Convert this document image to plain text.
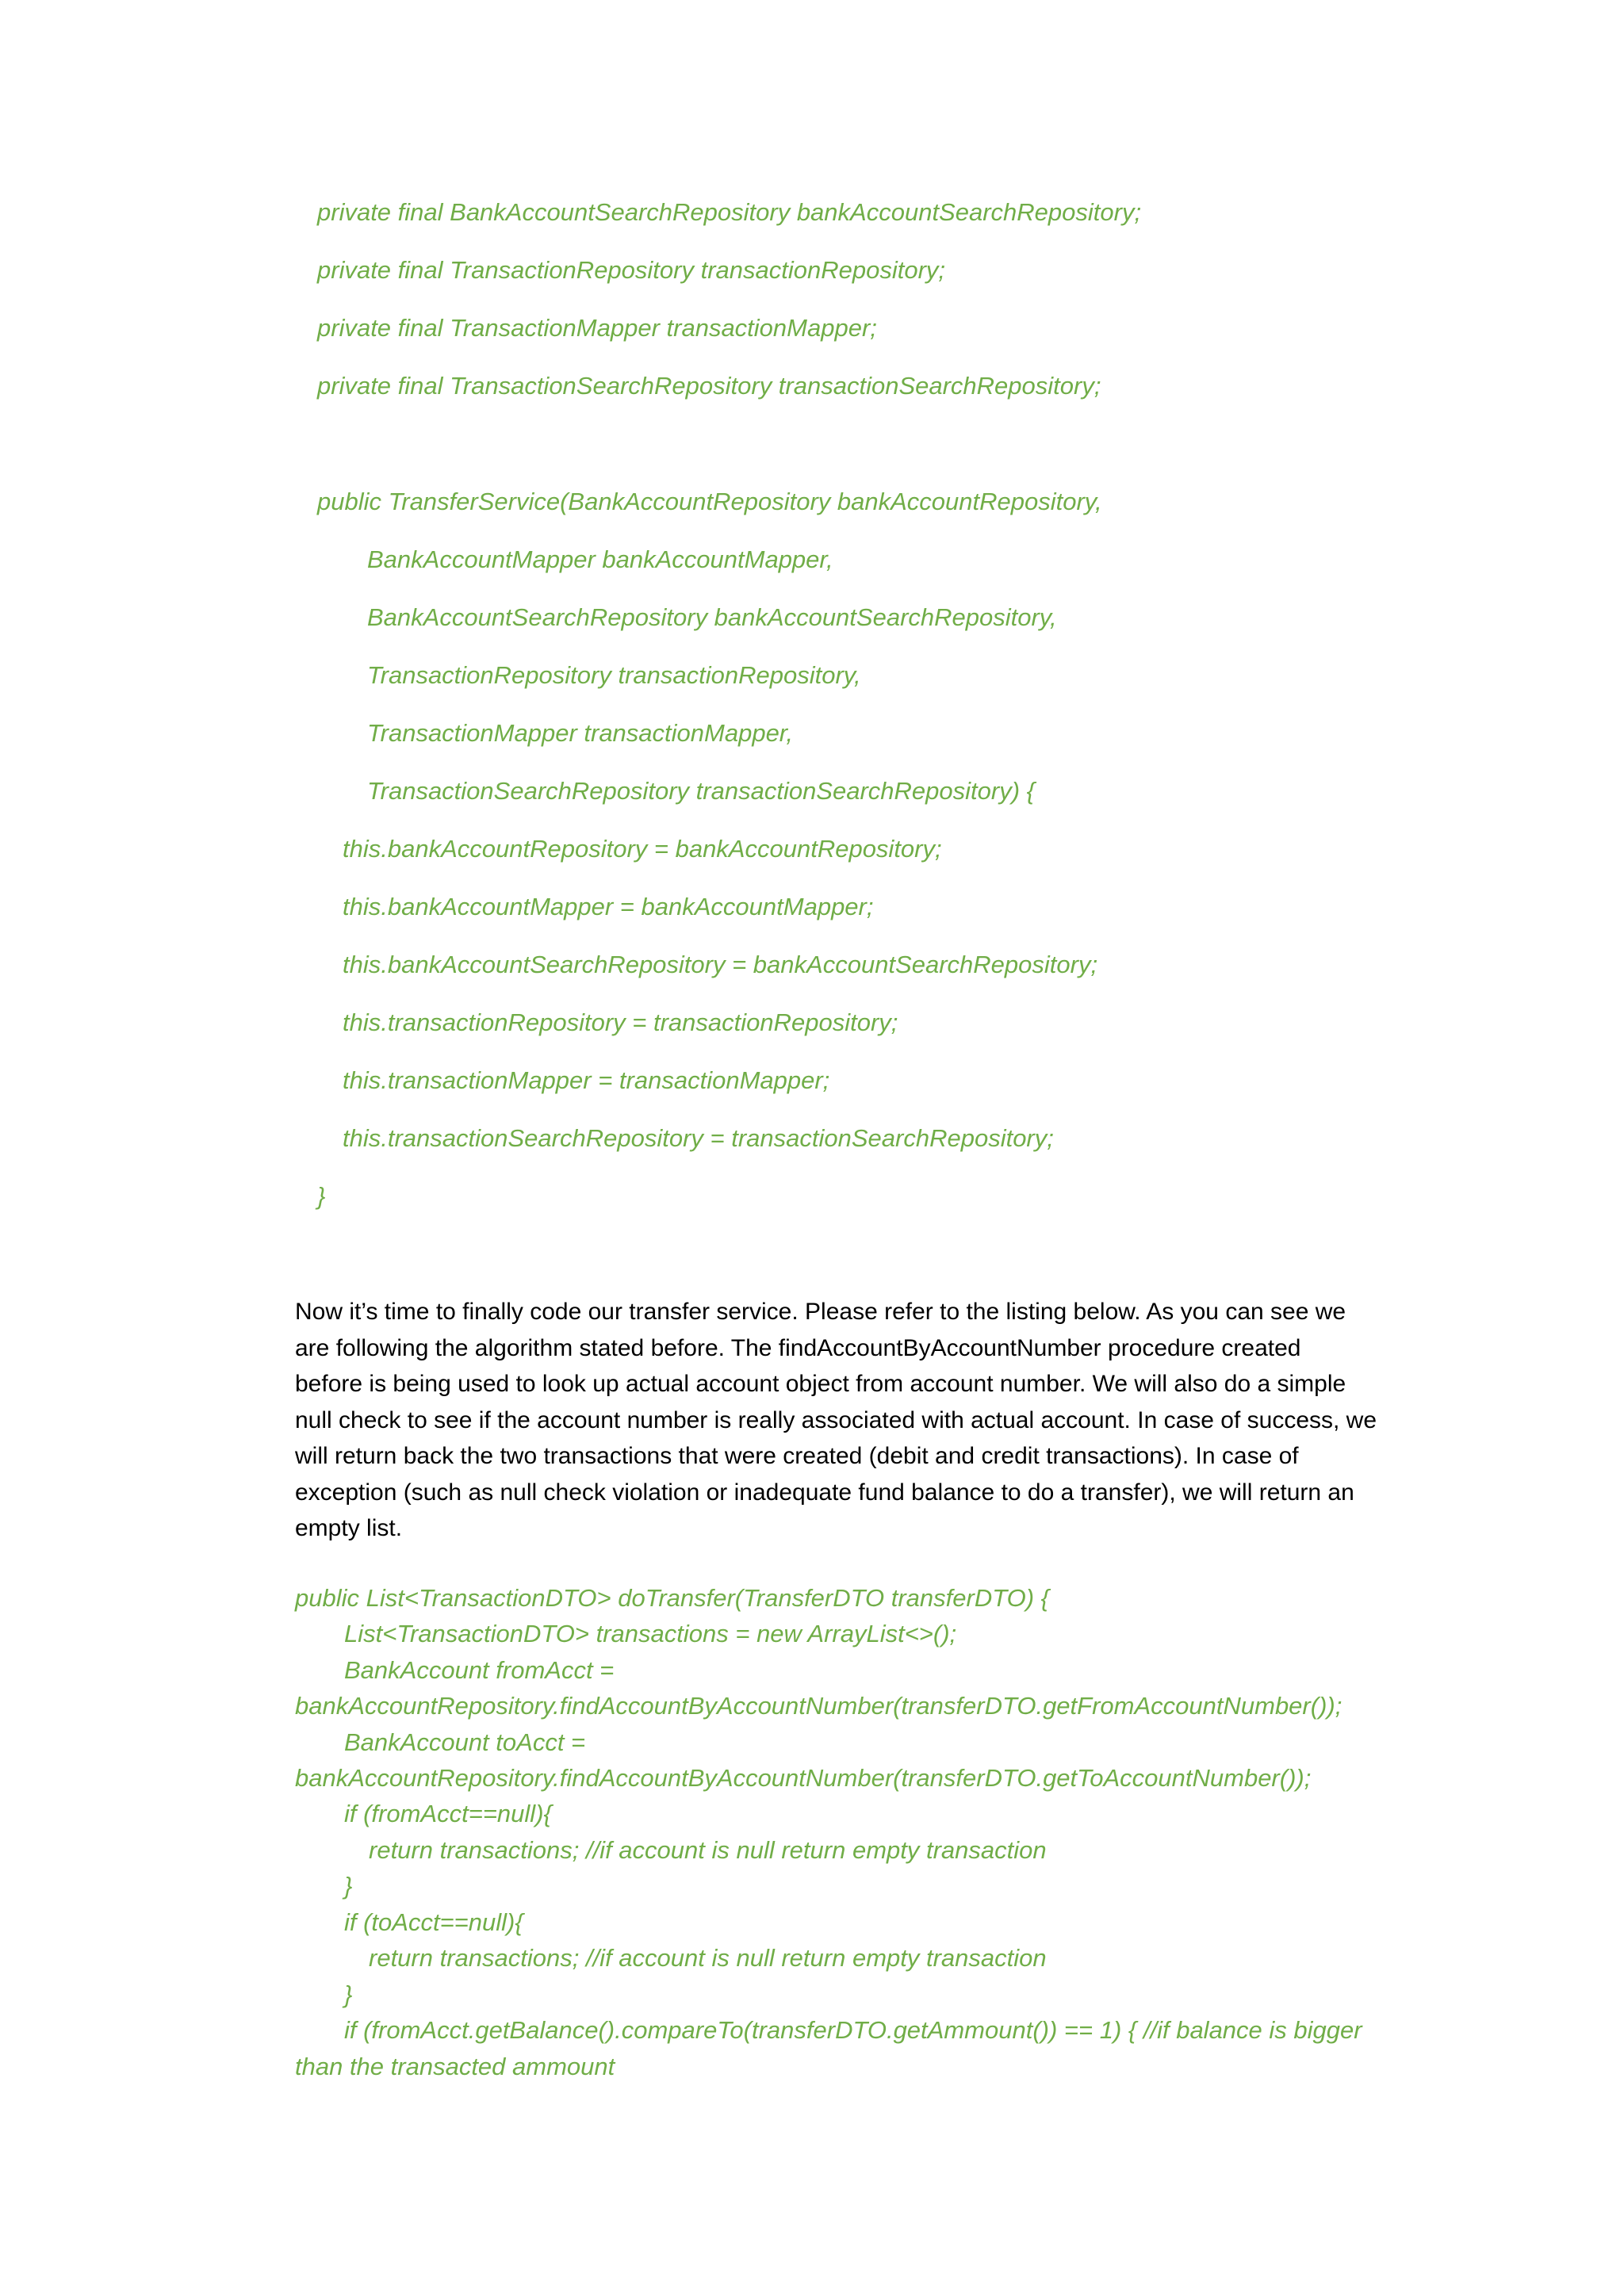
private final BankAccountSearchRepository bankAccountSearchRepository;
private final TransactionRepository transactionRepository;
private final TransactionMapper transactionMapper;
private final TransactionSearchRepository transactionSearchRepository;
public TransferService(BankAccountRepository bankAccountRepository,
BankAccountMapper bankAccountMapper,
BankAccountSearchRepository bankAccountSearchRepository,
TransactionRepository transactionRepository,
TransactionMapper transactionMapper,
TransactionSearchRepository transactionSearchRepository) {
this.bankAccountRepository = bankAccountRepository;
this.bankAccountMapper = bankAccountMapper;
this.bankAccountSearchRepository = bankAccountSearchRepository;
this.transactionRepository = transactionRepository;
this.transactionMapper = transactionMapper;
this.transactionSearchRepository = transactionSearchRepository;
}
Now it’s time to finally code our transfer service. Please refer to the listing below. As you can see we
are following the algorithm stated before. The findAccountByAccountNumber procedure created
before is being used to look up actual account object from account number. We will also do a simple
null check to see if the account number is really associated with actual account. In case of success, we
will return back the two transactions that were created (debit and credit transactions). In case of
exception (such as null check violation or inadequate fund balance to do a transfer), we will return an
empty list.
public List<TransactionDTO> doTransfer(TransferDTO transferDTO) {
List<TransactionDTO> transactions = new ArrayList<>();
BankAccount fromAcct =
bankAccountRepository.findAccountByAccountNumber(transferDTO.getFromAccountNumber());
BankAccount toAcct =
bankAccountRepository.findAccountByAccountNumber(transferDTO.getToAccountNumber());
if (fromAcct==null){
return transactions; //if account is null return empty transaction
}
if (toAcct==null){
return transactions; //if account is null return empty transaction
}
if (fromAcct.getBalance().compareTo(transferDTO.getAmmount()) == 1) { //if balance is bigger
than the transacted ammount
